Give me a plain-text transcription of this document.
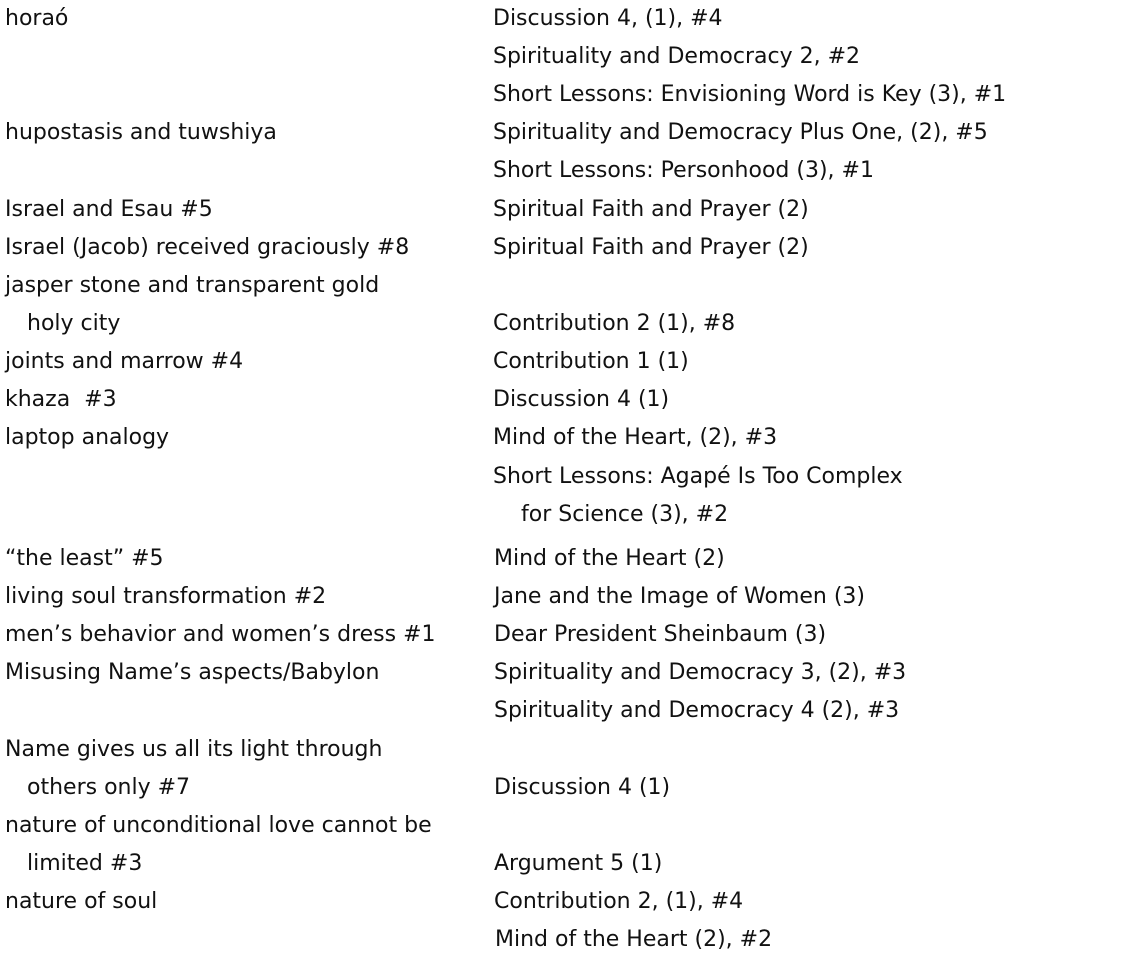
horaó	Discussion 4, (1), #4
Spirituality and Democracy 2, #2
Short Lessons: Envisioning Word is Key (3), #1
hupostasis and tuwshiya	Spirituality and Democracy Plus One, (2), #5
Short Lessons: Personhood (3), #1
Israel and Esau #5	Spiritual Faith and Prayer (2)
Israel (Jacob) received graciously #8	Spiritual Faith and Prayer (2)
jasper stone and transparent gold
holy city	Contribution 2 (1), #8
joints and marrow #4	Contribution 1 (1)
khaza  #3	Discussion 4 (1)
laptop analogy	Mind of the Heart, (2), #3
Short Lessons: Agapé Is Too Complex
for Science (3), #2
“the least” #5	Mind of the Heart (2)
living soul transformation #2	Jane and the Image of Women (3)
men’s behavior and women’s dress #1	Dear President Sheinbaum (3)
Misusing Name’s aspects/Babylon	Spirituality and Democracy 3, (2), #3
Spirituality and Democracy 4 (2), #3
Name gives us all its light through
others only #7	Discussion 4 (1)
nature of unconditional love cannot be
limited #3	Argument 5 (1)
nature of soul	Contribution 2, (1), #4
Mind of the Heart (2), #2
